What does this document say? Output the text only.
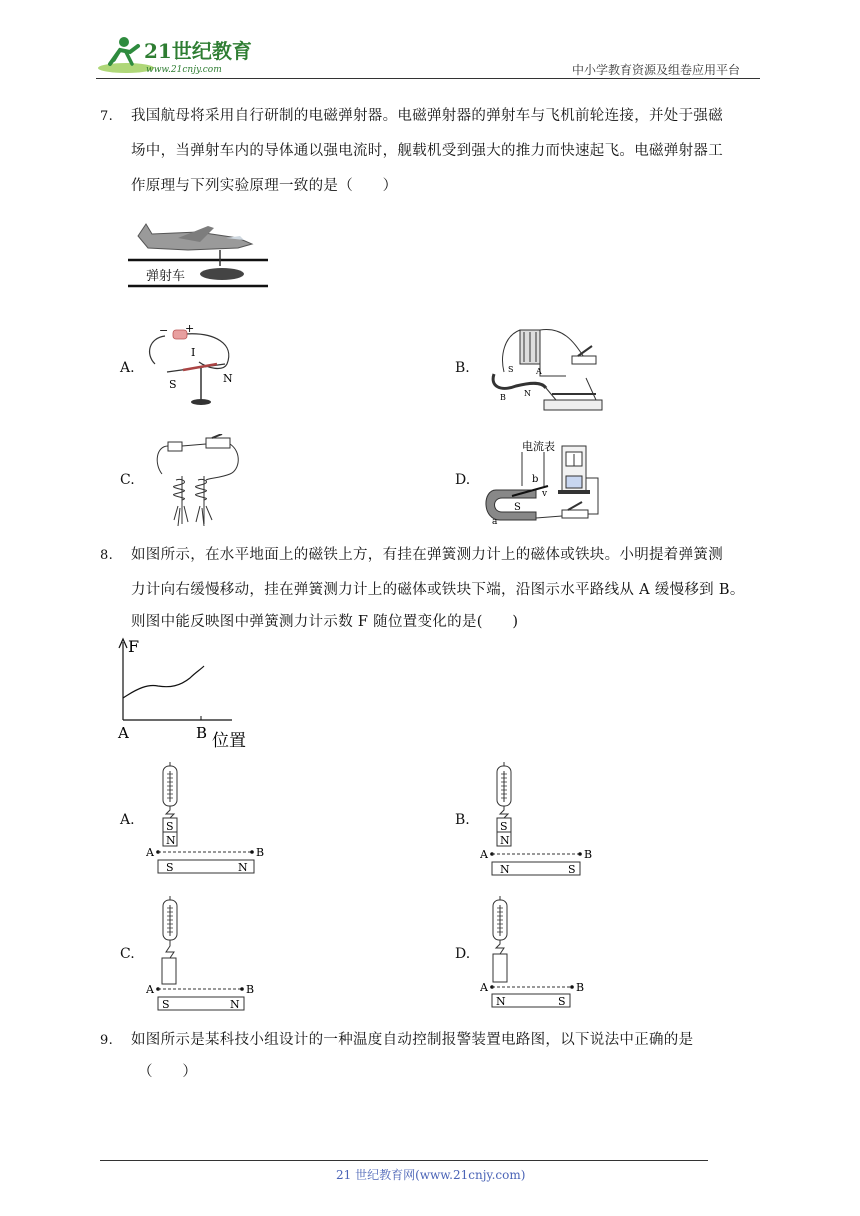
21世纪教育
www.21cnjy.com	中小学教育资源及组卷应用平台
7. 我国航母将采用自行研制的电磁弹射器。电磁弹射器的弹射车与飞机前轮连接，并处于强磁
场中，当弹射车内的导体通以强电流时，舰载机受到强大的推力而快速起飞。电磁弹射器工
作原理与下列实验原理一致的是（　　）
弹射车
A.
− +
I
S	N
B.	S	A
B N
C.	D.
电流表
N
S
b
v
a
8. 如图所示，在水平地面上的磁铁上方，有挂在弹簧测力计上的磁体或铁块。小明提着弹簧测
力计向右缓慢移动，挂在弹簧测力计上的磁体或铁块下端，沿图示水平路线从 A 缓慢移到 B。
则图中能反映图中弹簧测力计示数 F 随位置变化的是(　　)
F
A	B 位置
A.	S
N
A	B
S	N
B.	S
N
A	B
N	S
C.
A	B
S	N
D.
A	B
N	S
9. 如图所示是某科技小组设计的一种温度自动控制报警装置电路图，以下说法中正确的是
（　　）
21 世纪教育网(www.21cnjy.com)
